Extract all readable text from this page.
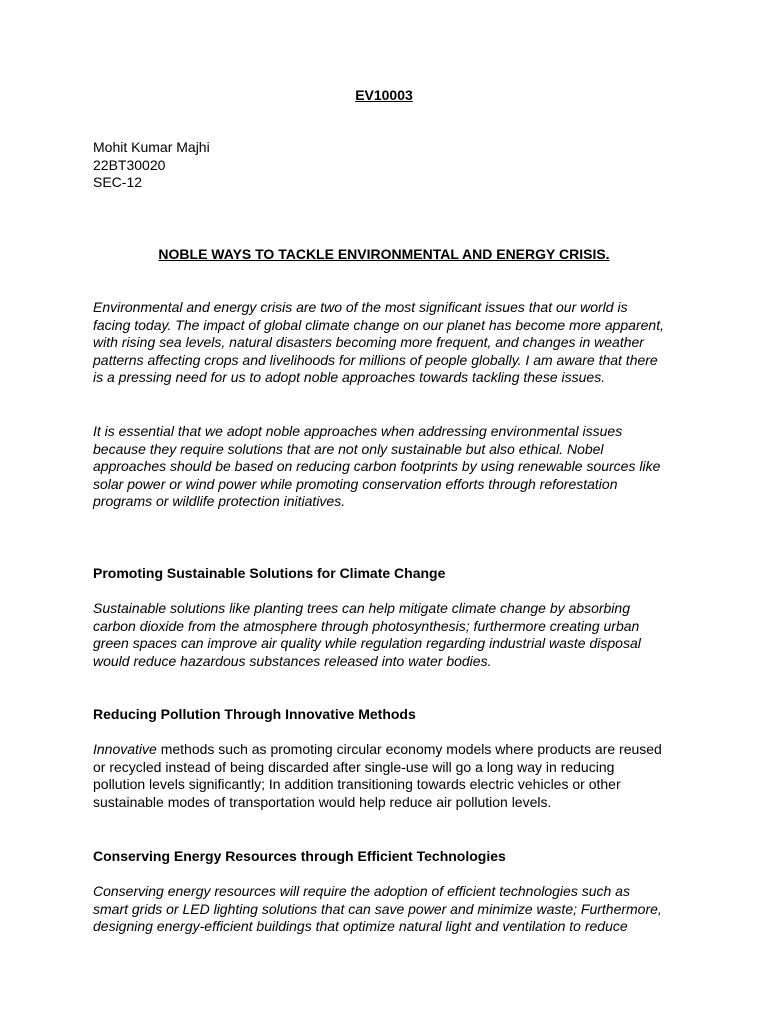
EV10003

Mohit Kumar Majhi
22BT30020
SEC-12

NOBLE WAYS TO TACKLE ENVIRONMENTAL AND ENERGY CRISIS.

Environmental and energy crisis are two of the most significant issues that our world is
facing today. The impact of global climate change on our planet has become more apparent,
with rising sea levels, natural disasters becoming more frequent, and changes in weather
patterns affecting crops and livelihoods for millions of people globally. I am aware that there
is a pressing need for us to adopt noble approaches towards tackling these issues.
It is essential that we adopt noble approaches when addressing environmental issues
because they require solutions that are not only sustainable but also ethical. Nobel
approaches should be based on reducing carbon footprints by using renewable sources like
solar power or wind power while promoting conservation efforts through reforestation
programs or wildlife protection initiatives.

Promoting Sustainable Solutions for Climate Change

Sustainable solutions like planting trees can help mitigate climate change by absorbing
carbon dioxide from the atmosphere through photosynthesis; furthermore creating urban
green spaces can improve air quality while regulation regarding industrial waste disposal
would reduce hazardous substances released into water bodies.

Reducing Pollution Through Innovative Methods

Innovative methods such as promoting circular economy models where products are reused
or recycled instead of being discarded after single-use will go a long way in reducing
pollution levels significantly; In addition transitioning towards electric vehicles or other
sustainable modes of transportation would help reduce air pollution levels.

Conserving Energy Resources through Efficient Technologies

Conserving energy resources will require the adoption of efficient technologies such as
smart grids or LED lighting solutions that can save power and minimize waste; Furthermore,
designing energy-efficient buildings that optimize natural light and ventilation to reduce
